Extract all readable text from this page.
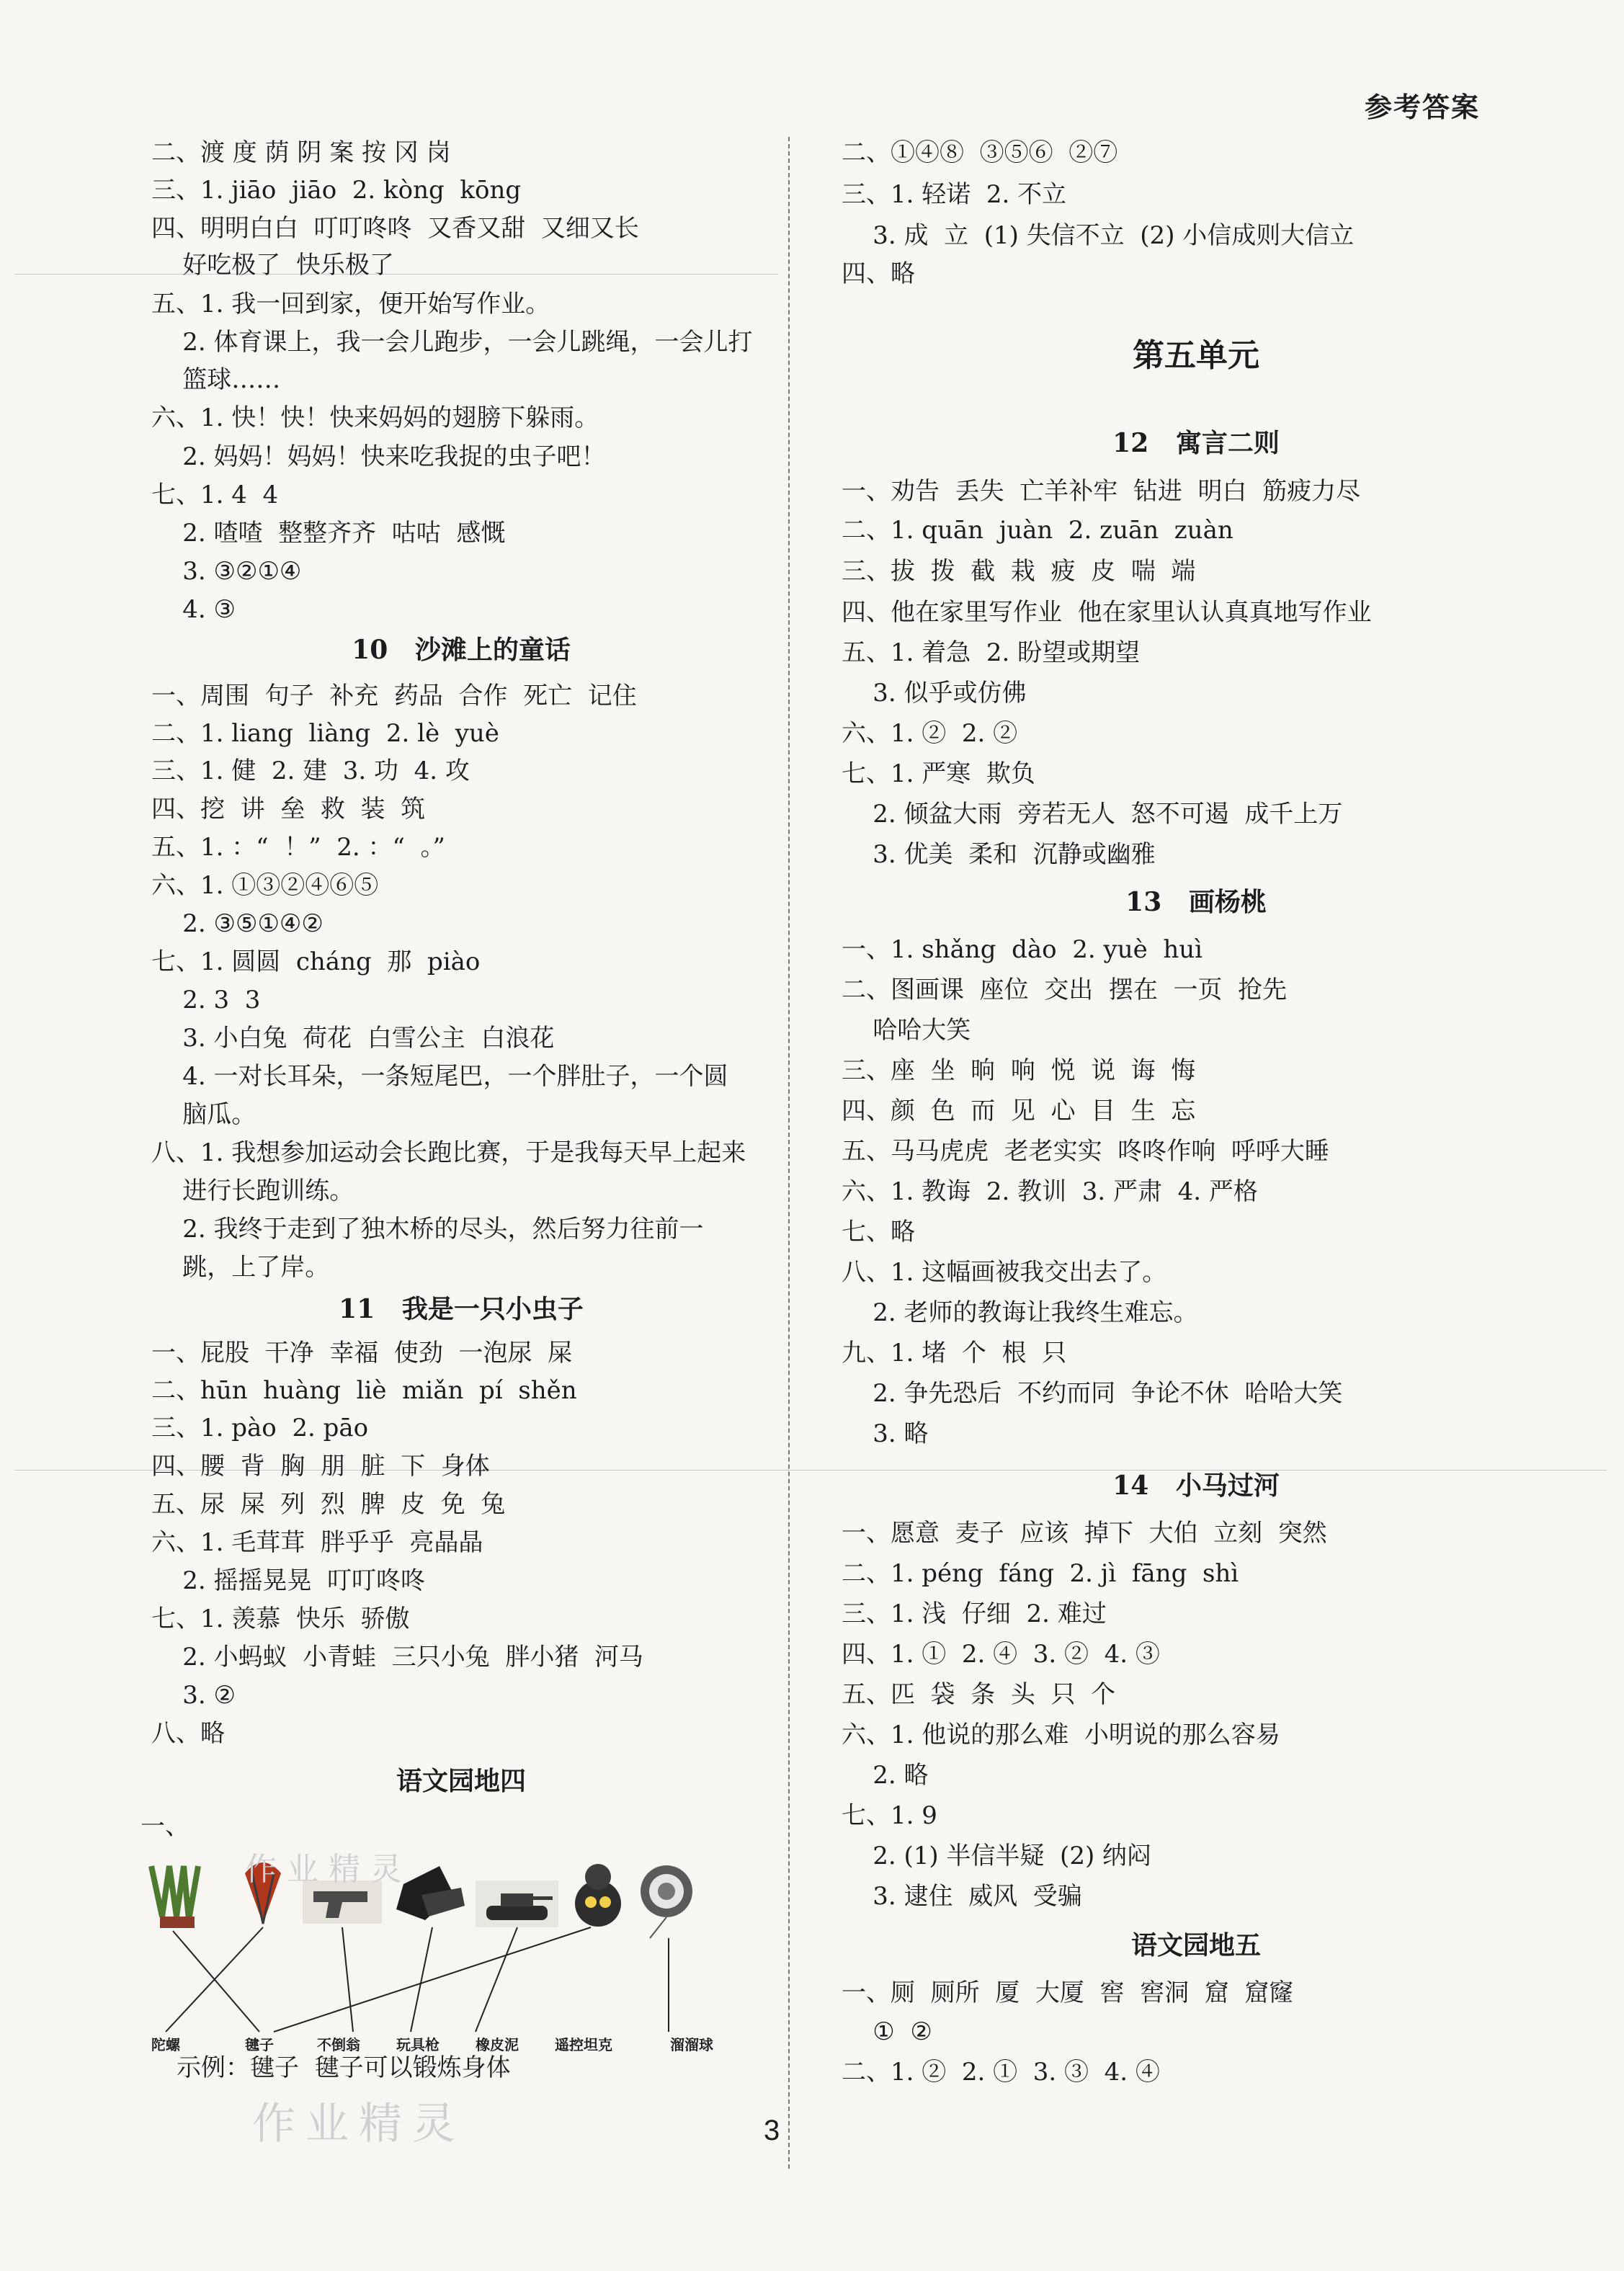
参考答案
二、渡 度 荫 阴 案 按 冈 岗
三、1. jiāo  jiāo  2. kòng  kōng
四、明明白白  叮叮咚咚  又香又甜  又细又长
好吃极了  快乐极了
五、1. 我一回到家，便开始写作业。
2. 体育课上，我一会儿跑步，一会儿跳绳，一会儿打
篮球……
六、1. 快！快！快来妈妈的翅膀下躲雨。
2. 妈妈！妈妈！快来吃我捉的虫子吧！
七、1. 4  4
2. 喳喳  整整齐齐  咕咕  感慨
3. ③②①④
4. ③
10   沙滩上的童话
一、周围  句子  补充  药品  合作  死亡  记住
二、1. liang  liàng  2. lè  yuè
三、1. 健  2. 建  3. 功  4. 攻
四、挖  讲  垒  救  装  筑
五、1. ：“  ！”  2. ：“  。”
六、1. ①③②④⑥⑤
2. ③⑤①④②
七、1. 圆圆  cháng  那  piào
2. 3  3
3. 小白兔  荷花  白雪公主  白浪花
4. 一对长耳朵，一条短尾巴，一个胖肚子，一个圆
脑瓜。
八、1. 我想参加运动会长跑比赛，于是我每天早上起来
进行长跑训练。
2. 我终于走到了独木桥的尽头，然后努力往前一
跳，上了岸。
11   我是一只小虫子
一、屁股  干净  幸福  使劲  一泡尿  屎
二、hūn  huàng  liè  miǎn  pí  shěn
三、1. pào  2. pāo
四、腰  背  胸  朋  脏  下  身体
五、尿  屎  列  烈  脾  皮  免  兔
六、1. 毛茸茸  胖乎乎  亮晶晶
2. 摇摇晃晃  叮叮咚咚
七、1. 羡慕  快乐  骄傲
2. 小蚂蚁  小青蛙  三只小兔  胖小猪  河马
3. ②
八、略
语文园地四
一、
陀螺	毽子	不倒翁	玩具枪	橡皮泥	遥控坦克	溜溜球
示例：毽子  毽子可以锻炼身体
二、①④⑧  ③⑤⑥  ②⑦
三、1. 轻诺  2. 不立
3. 成  立  (1) 失信不立  (2) 小信成则大信立
四、略
第五单元
12   寓言二则
一、劝告  丢失  亡羊补牢  钻进  明白  筋疲力尽
二、1. quān  juàn  2. zuān  zuàn
三、拔  拨  截  栽  疲  皮  喘  端
四、他在家里写作业  他在家里认认真真地写作业
五、1. 着急  2. 盼望或期望
3. 似乎或仿佛
六、1. ②  2. ②
七、1. 严寒  欺负
2. 倾盆大雨  旁若无人  怒不可遏  成千上万
3. 优美  柔和  沉静或幽雅
13   画杨桃
一、1. shǎng  dào  2. yuè  huì
二、图画课  座位  交出  摆在  一页  抢先
哈哈大笑
三、座  坐  晌  响  悦  说  诲  悔
四、颜  色  而  见  心  目  生  忘
五、马马虎虎  老老实实  咚咚作响  呼呼大睡
六、1. 教诲  2. 教训  3. 严肃  4. 严格
七、略
八、1. 这幅画被我交出去了。
2. 老师的教诲让我终生难忘。
九、1. 堵  个  根  只
2. 争先恐后  不约而同  争论不休  哈哈大笑
3. 略
14   小马过河
一、愿意  麦子  应该  掉下  大伯  立刻  突然
二、1. péng  fáng  2. jì  fāng  shì
三、1. 浅  仔细  2. 难过
四、1. ①  2. ④  3. ②  4. ③
五、匹  袋  条  头  只  个
六、1. 他说的那么难  小明说的那么容易
2. 略
七、1. 9
2. (1) 半信半疑  (2) 纳闷
3. 逮住  威风  受骗
语文园地五
一、厕  厕所  厦  大厦  窖  窖洞  窟  窟窿
①  ②
二、1. ②  2. ①  3. ③  4. ④
3
作业精灵
作业精灵
